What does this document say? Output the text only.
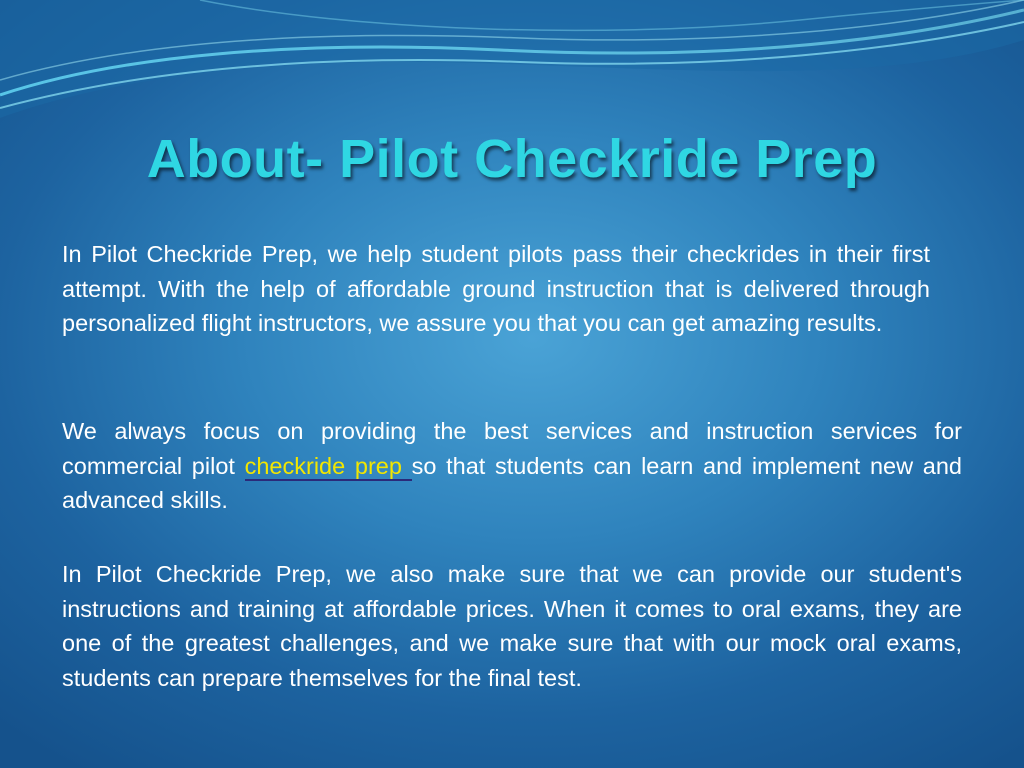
About- Pilot Checkride Prep

In Pilot Checkride Prep, we help student pilots pass their checkrides in their first attempt. With the help of affordable ground instruction that is delivered through personalized flight instructors, we assure you that you can get amazing results.

We always focus on providing the best services and instruction services for commercial pilot checkride prep so that students can learn and implement new and advanced skills.

In Pilot Checkride Prep, we also make sure that we can provide our student's instructions and training at affordable prices. When it comes to oral exams, they are one of the greatest challenges, and we make sure that with our mock oral exams, students can prepare themselves for the final test.
